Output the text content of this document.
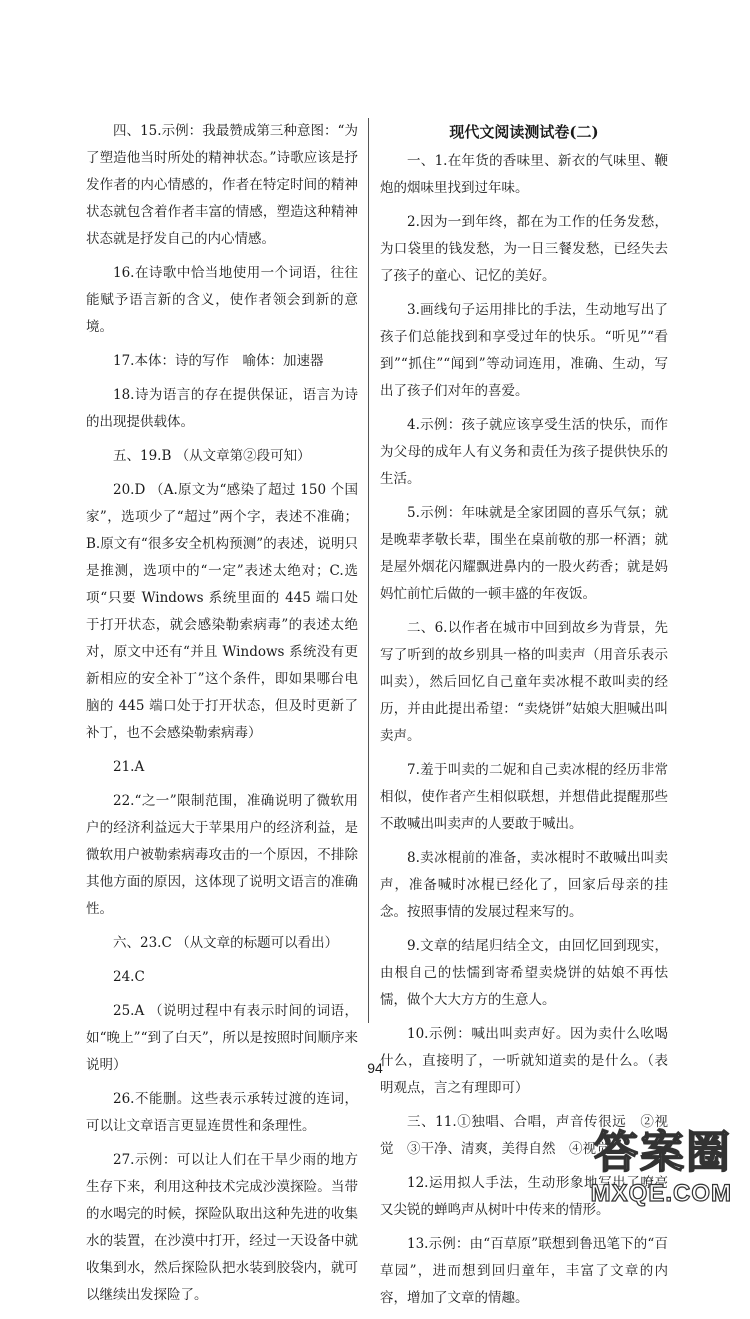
四、15.示例：我最赞成第三种意图：“为了塑造他当时所处的精神状态。”诗歌应该是抒发作者的内心情感的，作者在特定时间的精神状态就包含着作者丰富的情感，塑造这种精神状态就是抒发自己的内心情感。

16.在诗歌中恰当地使用一个词语，往往能赋予语言新的含义，使作者领会到新的意境。

17.本体：诗的写作　喻体：加速器

18.诗为语言的存在提供保证，语言为诗的出现提供载体。

五、19.B （从文章第②段可知）

20.D （A.原文为“感染了超过 150 个国家”，选项少了“超过”两个字，表述不准确；B.原文有“很多安全机构预测”的表述，说明只是推测，选项中的“一定”表述太绝对；C.选项“只要 Windows 系统里面的 445 端口处于打开状态，就会感染勒索病毒”的表述太绝对，原文中还有“并且 Windows 系统没有更新相应的安全补丁”这个条件，即如果哪台电脑的 445 端口处于打开状态，但及时更新了补丁，也不会感染勒索病毒）

21.A

22.“之一”限制范围，准确说明了微软用户的经济利益远大于苹果用户的经济利益，是微软用户被勒索病毒攻击的一个原因，不排除其他方面的原因，这体现了说明文语言的准确性。

六、23.C （从文章的标题可以看出）

24.C

25.A （说明过程中有表示时间的词语，如“晚上”“到了白天”，所以是按照时间顺序来说明）

26.不能删。这些表示承转过渡的连词，可以让文章语言更显连贯性和条理性。

27.示例：可以让人们在干旱少雨的地方生存下来，利用这种技术完成沙漠探险。当带的水喝完的时候，探险队取出这种先进的收集水的装置，在沙漠中打开，经过一天设备中就收集到水，然后探险队把水装到胶袋内，就可以继续出发探险了。

现代文阅读测试卷(二)

一、1.在年货的香味里、新衣的气味里、鞭炮的烟味里找到过年味。

2.因为一到年终，都在为工作的任务发愁，为口袋里的钱发愁，为一日三餐发愁，已经失去了孩子的童心、记忆的美好。

3.画线句子运用排比的手法，生动地写出了孩子们总能找到和享受过年的快乐。“听见”“看到”“抓住”“闻到”等动词连用，准确、生动，写出了孩子们对年的喜爱。

4.示例：孩子就应该享受生活的快乐，而作为父母的成年人有义务和责任为孩子提供快乐的生活。

5.示例：年味就是全家团圆的喜乐气氛；就是晚辈孝敬长辈，围坐在桌前敬的那一杯酒；就是屋外烟花闪耀飘进鼻内的一股火药香；就是妈妈忙前忙后做的一顿丰盛的年夜饭。

二、6.以作者在城市中回到故乡为背景，先写了听到的故乡别具一格的叫卖声（用音乐表示叫卖），然后回忆自己童年卖冰棍不敢叫卖的经历，并由此提出希望：“卖烧饼”姑娘大胆喊出叫卖声。

7.羞于叫卖的二妮和自己卖冰棍的经历非常相似，使作者产生相似联想，并想借此提醒那些不敢喊出叫卖声的人要敢于喊出。

8.卖冰棍前的准备，卖冰棍时不敢喊出叫卖声，准备喊时冰棍已经化了，回家后母亲的挂念。按照事情的发展过程来写的。

9.文章的结尾归结全文，由回忆回到现实，由根自己的怯懦到寄希望卖烧饼的姑娘不再怯懦，做个大大方方的生意人。

10.示例：喊出叫卖声好。因为卖什么吆喝什么，直接明了，一听就知道卖的是什么。（表明观点，言之有理即可）

三、11.①独唱、合唱，声音传很远　②视觉　③干净、清爽，美得自然　④视觉

12.运用拟人手法，生动形象地写出了嘹亮又尖锐的蝉鸣声从树叶中传来的情形。

13.示例：由“百草原”联想到鲁迅笔下的“百草园”，进而想到回归童年，丰富了文章的内容，增加了文章的情趣。

94
答案圈
MXQE.COM
